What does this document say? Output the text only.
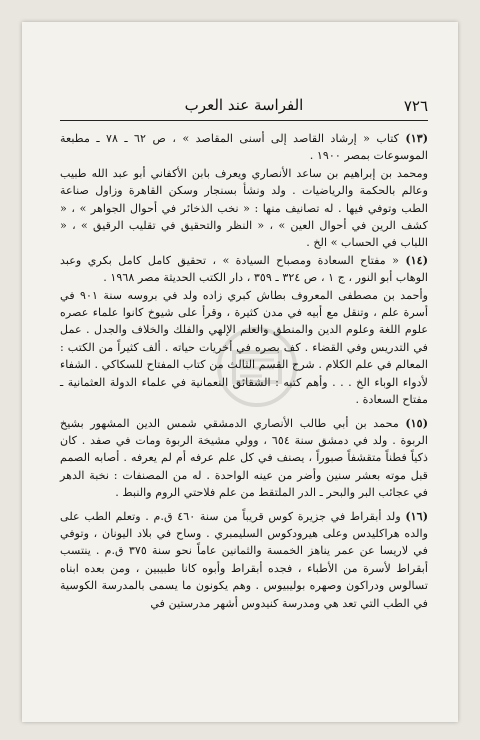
٧٢٦
الفراسة عند العرب

(١٣) كتاب « إرشاد القاصد إلى أسنى المقاصد » ، ص ٦٢ ـ ٧٨ ـ مطبعة الموسوعات بمصر ١٩٠٠ .

ومحمد بن إبراهيم بن ساعد الأنصاري ويعرف بابن الأكفاني أبو عبد الله طبيب وعالم بالحكمة والرياضيات . ولد ونشأ بسنجار وسكن القاهرة وزاول صناعة الطب وتوفي فيها . له تصانيف منها : « نخب الذخائر في أحوال الجواهر » ، « كشف الرين في أحوال العين » ، « النظر والتحقيق في تقليب الرقيق » ، « اللباب في الحساب » الخ .

(١٤) « مفتاح السعادة ومصباح السيادة » ، تحقيق كامل كامل بكري وعبد الوهاب أبو النور ، ج ١ ، ص ٣٢٤ ـ ٣٥٩ ، دار الكتب الحديثة مصر ١٩٦٨ .

وأحمد بن مصطفى المعروف بطاش كبري زاده ولد في بروسه سنة ٩٠١ في أسرة علم ، وتنقل مع أبيه في مدن كثيرة ، وقرأ على شيوخ كانوا علماء عصره علوم اللغة وعلوم الدين والمنطق والعلم الإلهي والفلك والخلاف والجدل . عمل في التدريس وفي القضاء . كف بصره في أخريات حياته . ألف كثيراً من الكتب : المعالم في علم الكلام . شرح القسم الثالث من كتاب المفتاح للسكاكي . الشفاء لأدواء الوباء الخ . . . وأهم كتبه : الشقائق النعمانية في علماء الدولة العثمانية ـ مفتاح السعادة .

(١٥) محمد بن أبي طالب الأنصاري الدمشقي شمس الدين المشهور بشيخ الربوة . ولد في دمشق سنة ٦٥٤ ، وولي مشيخة الربوة ومات في صفد . كان ذكياً فطناً متقشفاً صبوراً ، يصنف في كل علم عرفه أم لم يعرفه . أصابه الصمم قبل موته بعشر سنين وأضر من عينه الواحدة . له من المصنفات : نخبة الدهر في عجائب البر والبحر ـ الدر الملتقط من علم فلاحتي الروم والنبط .

(١٦) ولد أبقراط في جزيرة كوس قريباً من سنة ٤٦٠ ق.م . وتعلم الطب على والده هراكليدس وعلى هيرودكوس السليمبري . وساح في بلاد اليونان ، وتوفي في لاريسا عن عمر يناهز الخمسة والثمانين عاماً نحو سنة ٣٧٥ ق.م . ينتسب أبقراط لأسرة من الأطباء ، فجده أبقراط وأبوه كانا طبيبين ، ومن بعده ابناه تسالوس ودراكون وصهره بوليبيوس . وهم يكونون ما يسمى بالمدرسة الكوسية في الطب التي تعد هي ومدرسة كنيدوس أشهر مدرستين في
